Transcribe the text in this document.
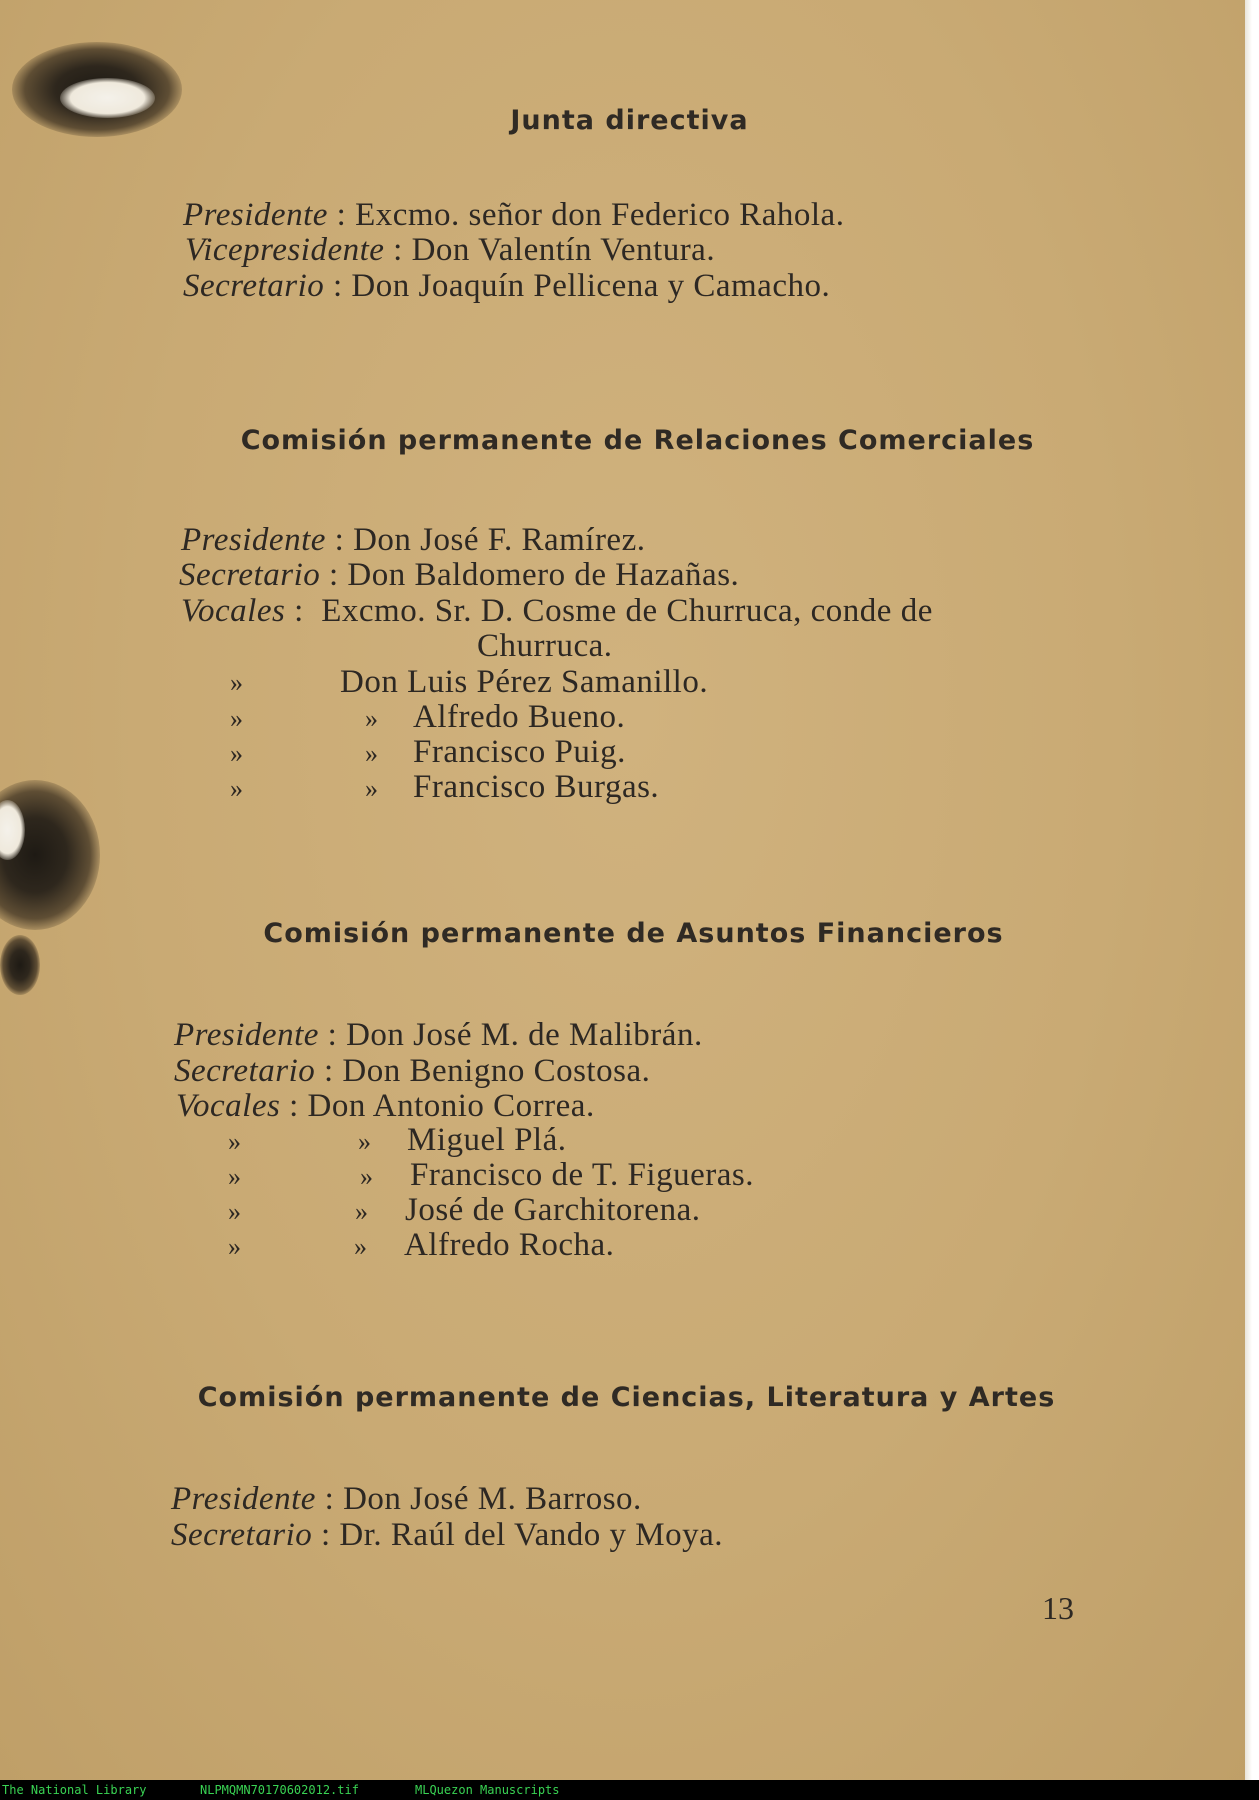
Junta directiva
Presidente : Excmo. señor don Federico Rahola.
Vicepresidente : Don Valentín Ventura.
Secretario : Don Joaquín Pellicena y Camacho.
Comisión permanente de Relaciones Comerciales
Presidente : Don José F. Ramírez.
Secretario : Don Baldomero de Hazañas.
Vocales :  Excmo. Sr. D. Cosme de Churruca, conde de
Churruca.
»	Don Luis Pérez Samanillo.
»	» Alfredo Bueno.
»	» Francisco Puig.
»	» Francisco Burgas.
Comisión permanente de Asuntos Financieros
Presidente : Don José M. de Malibrán.
Secretario : Don Benigno Costosa.
Vocales : Don Antonio Correa.
»	» Miguel Plá.
»	» Francisco de T. Figueras.
»	» José de Garchitorena.
»	» Alfredo Rocha.
Comisión permanente de Ciencias, Literatura y Artes
Presidente : Don José M. Barroso.
Secretario : Dr. Raúl del Vando y Moya.
13
The National Library	NLPMQMN70170602012.tif	MLQuezon Manuscripts
